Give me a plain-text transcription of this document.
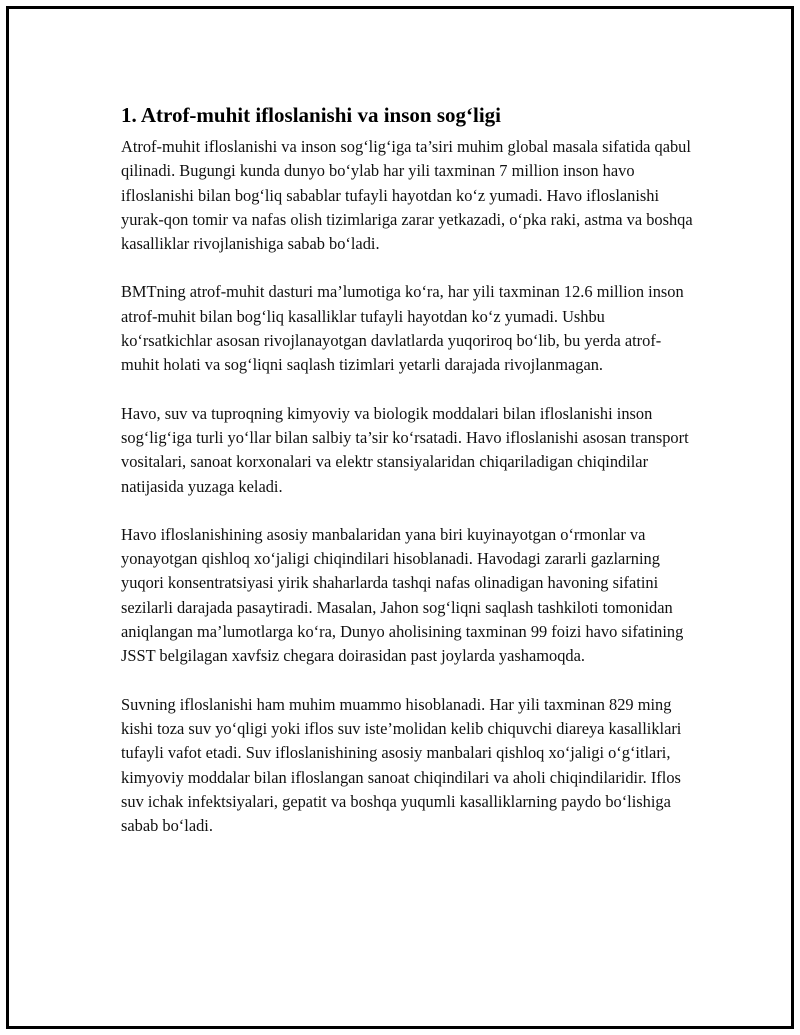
1. Atrof-muhit ifloslanishi va inson sog‘ligi

Atrof-muhit ifloslanishi va inson sog‘lig‘iga ta’siri muhim global masala sifatida qabul qilinadi. Bugungi kunda dunyo bo‘ylab har yili taxminan 7 million inson havo ifloslanishi bilan bog‘liq sabablar tufayli hayotdan ko‘z yumadi. Havo ifloslanishi yurak-qon tomir va nafas olish tizimlariga zarar yetkazadi, o‘pka raki, astma va boshqa kasalliklar rivojlanishiga sabab bo‘ladi.

BMTning atrof-muhit dasturi ma’lumotiga ko‘ra, har yili taxminan 12.6 million inson atrof-muhit bilan bog‘liq kasalliklar tufayli hayotdan ko‘z yumadi. Ushbu ko‘rsatkichlar asosan rivojlanayotgan davlatlarda yuqoriroq bo‘lib, bu yerda atrof-muhit holati va sog‘liqni saqlash tizimlari yetarli darajada rivojlanmagan.

Havo, suv va tuproqning kimyoviy va biologik moddalari bilan ifloslanishi inson sog‘lig‘iga turli yo‘llar bilan salbiy ta’sir ko‘rsatadi. Havo ifloslanishi asosan transport vositalari, sanoat korxonalari va elektr stansiyalaridan chiqariladigan chiqindilar natijasida yuzaga keladi.

Havo ifloslanishining asosiy manbalaridan yana biri kuyinayotgan o‘rmonlar va yonayotgan qishloq xo‘jaligi chiqindilari hisoblanadi. Havodagi zararli gazlarning yuqori konsentratsiyasi yirik shaharlarda tashqi nafas olinadigan havoning sifatini sezilarli darajada pasaytiradi. Masalan, Jahon sog‘liqni saqlash tashkiloti tomonidan aniqlangan ma’lumotlarga ko‘ra, Dunyo aholisining taxminan 99 foizi havo sifatining JSST belgilagan xavfsiz chegara doirasidan past joylarda yashamoqda.

Suvning ifloslanishi ham muhim muammo hisoblanadi. Har yili taxminan 829 ming kishi toza suv yo‘qligi yoki iflos suv iste’molidan kelib chiquvchi diareya kasalliklari tufayli vafot etadi. Suv ifloslanishining asosiy manbalari qishloq xo‘jaligi o‘g‘itlari, kimyoviy moddalar bilan ifloslangan sanoat chiqindilari va aholi chiqindilaridir. Iflos suv ichak infektsiyalari, gepatit va boshqa yuqumli kasalliklarning paydo bo‘lishiga sabab bo‘ladi.
